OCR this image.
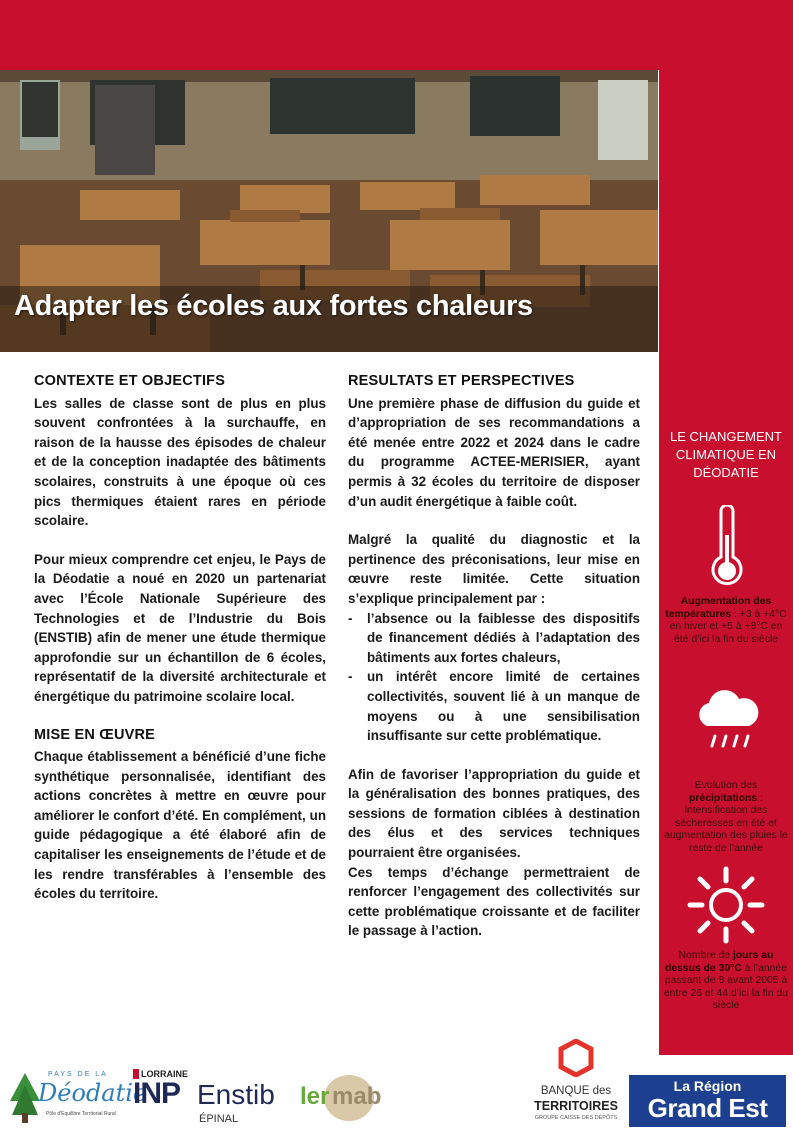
Adapter les écoles aux fortes chaleurs
CONTEXTE ET OBJECTIFS

Les salles de classe sont de plus en plus souvent confrontées à la surchauffe, en raison de la hausse des épisodes de chaleur et de la conception inadaptée des bâtiments scolaires, construits à une époque où ces pics thermiques étaient rares en période scolaire.

Pour mieux comprendre cet enjeu, le Pays de la Déodatie a noué en 2020 un partenariat avec l’École Nationale Supérieure des Technologies et de l’Industrie du Bois (ENSTIB) afin de mener une étude thermique approfondie sur un échantillon de 6 écoles, représentatif de la diversité architecturale et énergétique du patrimoine scolaire local.

MISE EN ŒUVRE

Chaque établissement a bénéficié d’une fiche synthétique personnalisée, identifiant des actions concrètes à mettre en œuvre pour améliorer le confort d’été. En complément, un guide pédagogique a été élaboré afin de capitaliser les enseignements de l’étude et de les rendre transférables à l’ensemble des écoles du territoire.

RESULTATS ET PERSPECTIVES

Une première phase de diffusion du guide et d’appropriation de ses recommandations a été menée entre 2022 et 2024 dans le cadre du programme ACTEE-MERISIER, ayant permis à 32 écoles du territoire de disposer d’un audit énergétique à faible coût.

Malgré la qualité du diagnostic et la pertinence des préconisations, leur mise en œuvre reste limitée. Cette situation s’explique principalement par :

- l’absence ou la faiblesse des dispositifs de financement dédiés à l’adaptation des bâtiments aux fortes chaleurs,
- un intérêt encore limité de certaines collectivités, souvent lié à un manque de moyens ou à une sensibilisation insuffisante sur cette problématique.

Afin de favoriser l’appropriation du guide et la généralisation des bonnes pratiques, des sessions de formation ciblées à destination des élus et des services techniques pourraient être organisées.

Ces temps d’échange permettraient de renforcer l’engagement des collectivités sur cette problématique croissante et de faciliter le passage à l’action.

LE CHANGEMENT CLIMATIQUE EN DÉODATIE
Augmentation des températures : +3 à +4°C en hiver et +5 à +8°C en été d’ici la fin du siècle
Evolution des précipitations : intensification des sécheresses en été et augmentation des pluies le reste de l’année
Nombre de jours au dessus de 30°C à l’année passant de 8 avant 2005 à entre 26 et 44 d’ici la fin du siècle
PAYS DE LA
Déodatie
Pôle d'Équilibre Territorial Rural
LORRAINE
INP Enstib
ÉPINAL
ler mab	BANQUE des
TERRITOIRES
GROUPE CAISSE DES DÉPÔTS
La Région
Grand Est
